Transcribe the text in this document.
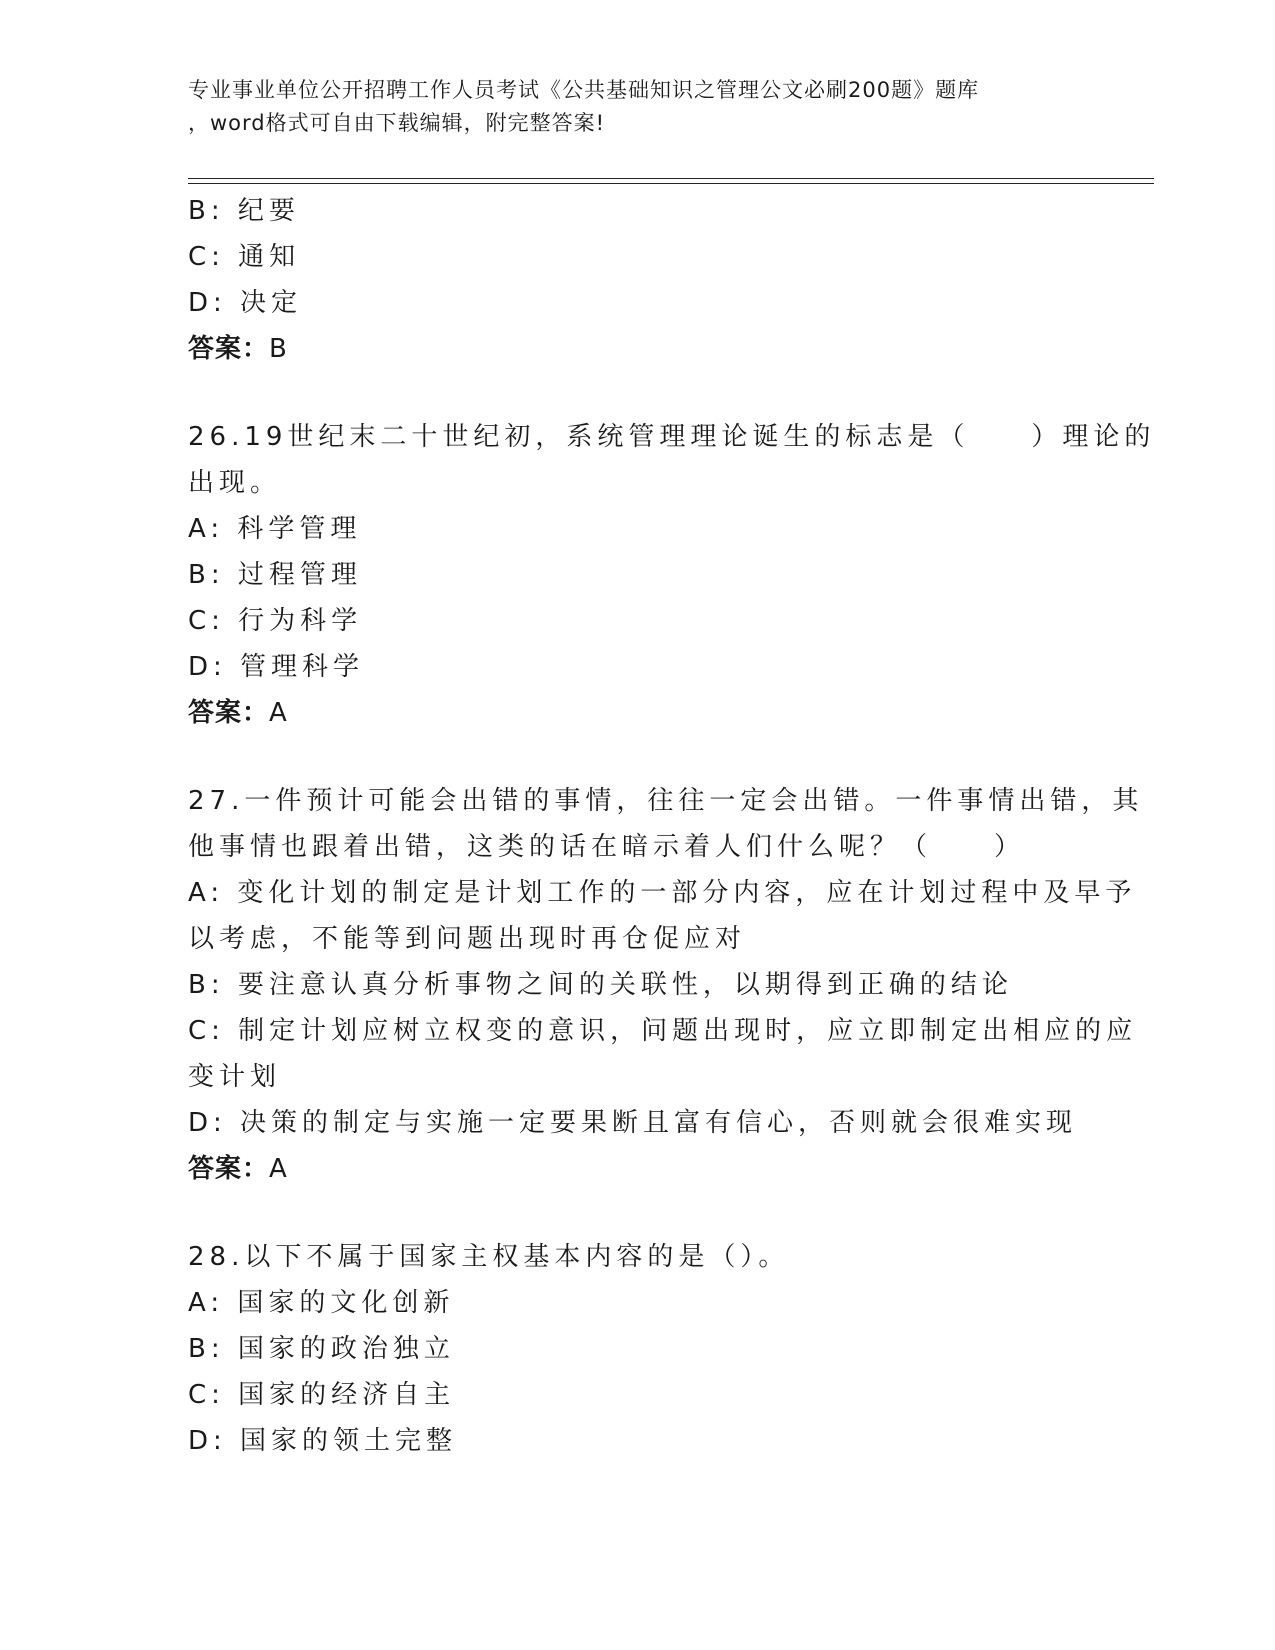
专业事业单位公开招聘工作人员考试《公共基础知识之管理公文必刷200题》题库

，word格式可自由下载编辑，附完整答案!

B: 纪要

C: 通知

D: 决定

答案：B

26.19世纪末二十世纪初，系统管理理论诞生的标志是（　　）理论的

出现。

A: 科学管理

B: 过程管理

C: 行为科学

D: 管理科学

答案：A

27.一件预计可能会出错的事情，往往一定会出错。一件事情出错，其

他事情也跟着出错，这类的话在暗示着人们什么呢？（　　）

A: 变化计划的制定是计划工作的一部分内容，应在计划过程中及早予

以考虑，不能等到问题出现时再仓促应对

B: 要注意认真分析事物之间的关联性，以期得到正确的结论

C: 制定计划应树立权变的意识，问题出现时，应立即制定出相应的应

变计划

D: 决策的制定与实施一定要果断且富有信心，否则就会很难实现

答案：A

28.以下不属于国家主权基本内容的是（）。

A: 国家的文化创新

B: 国家的政治独立

C: 国家的经济自主

D: 国家的领土完整
